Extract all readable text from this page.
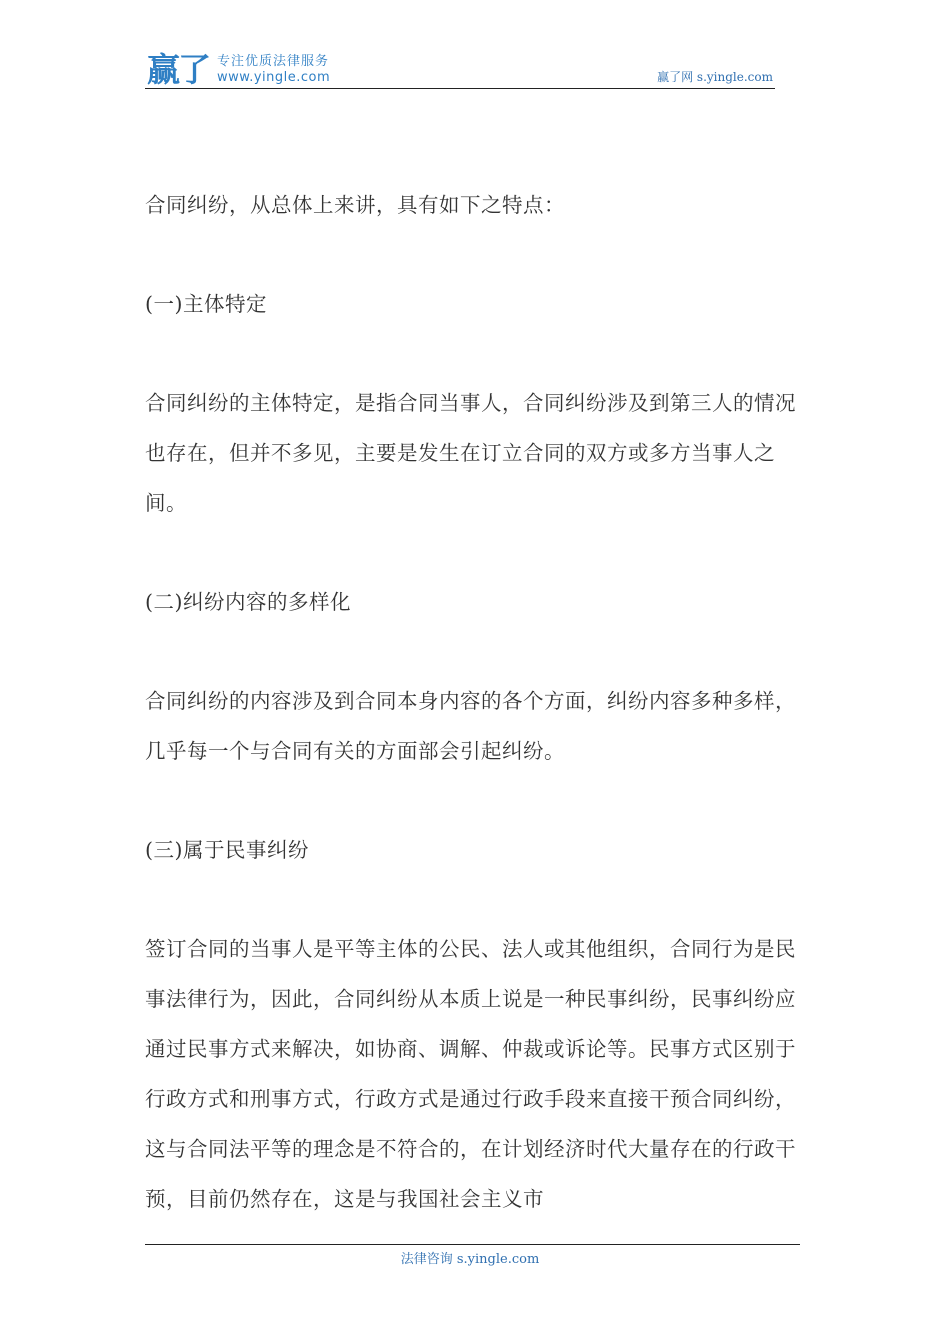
赢了 专注优质法律服务
www.yingle.com	赢了网 s.yingle.com

合同纠纷，从总体上来讲，具有如下之特点：

(一)主体特定

合同纠纷的主体特定，是指合同当事人，合同纠纷涉及到第三人的情况也存在，但并不多见，主要是发生在订立合同的双方或多方当事人之间。

(二)纠纷内容的多样化

合同纠纷的内容涉及到合同本身内容的各个方面，纠纷内容多种多样，几乎每一个与合同有关的方面部会引起纠纷。

(三)属于民事纠纷

签订合同的当事人是平等主体的公民、法人或其他组织，合同行为是民事法律行为，因此，合同纠纷从本质上说是一种民事纠纷，民事纠纷应通过民事方式来解决，如协商、调解、仲裁或诉论等。民事方式区别于行政方式和刑事方式，行政方式是通过行政手段来直接干预合同纠纷，这与合同法平等的理念是不符合的，在计划经济时代大量存在的行政干预，目前仍然存在，这是与我国社会主义市

法律咨询 s.yingle.com
